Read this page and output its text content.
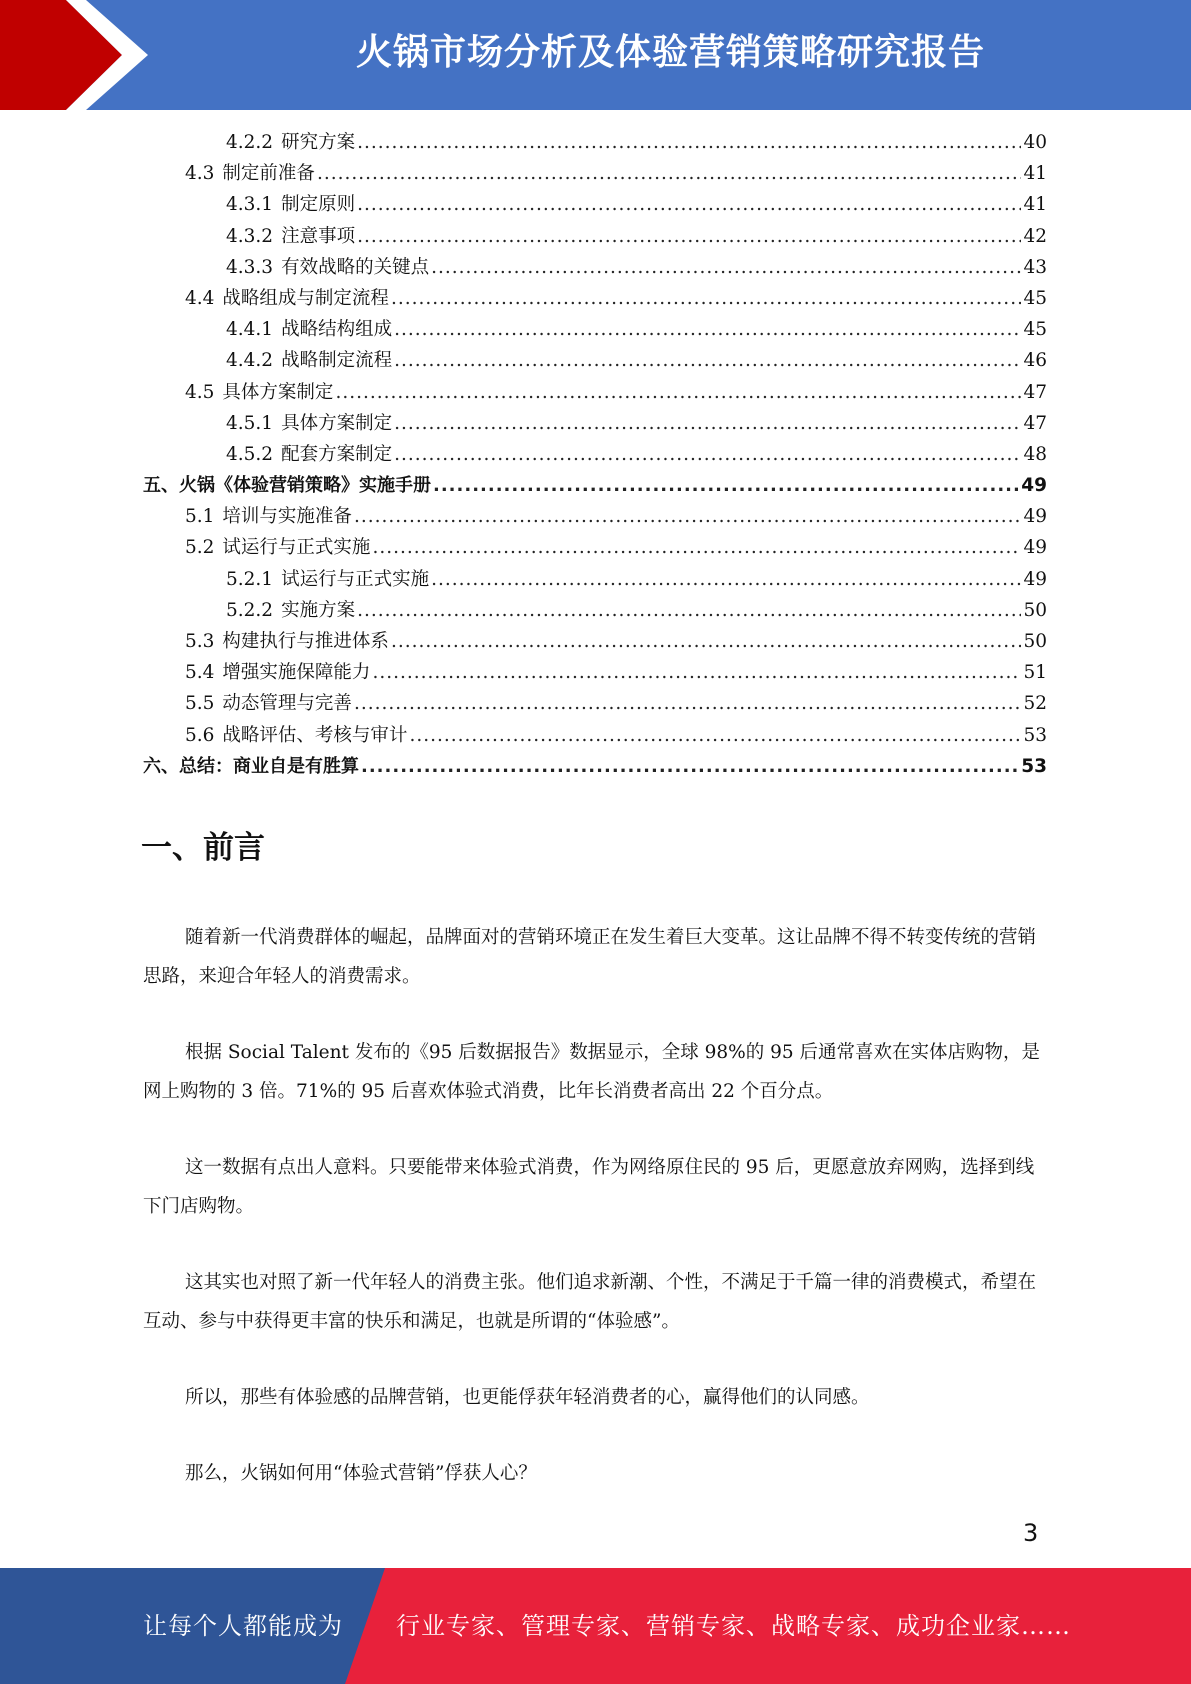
火锅市场分析及体验营销策略研究报告
4.2.2 研究方案 .....	40
4.3 制定前准备 .....	41
4.3.1 制定原则 .....	41
4.3.2 注意事项 .....	42
4.3.3 有效战略的关键点 .....	43
4.4 战略组成与制定流程 .....	45
4.4.1 战略结构组成 .....	45
4.4.2 战略制定流程 .....	46
4.5 具体方案制定 .....	47
4.5.1 具体方案制定 .....	47
4.5.2 配套方案制定 .....	48
五、火锅《体验营销策略》实施手册 .....	49
5.1 培训与实施准备 .....	49
5.2 试运行与正式实施 .....	49
5.2.1 试运行与正式实施 .....	49
5.2.2 实施方案 .....	50
5.3 构建执行与推进体系 .....	50
5.4 增强实施保障能力 .....	51
5.5 动态管理与完善 .....	52
5.6 战略评估、考核与审计 .....	53
六、总结：商业自是有胜算 .....	53
一、前言

随着新一代消费群体的崛起，品牌面对的营销环境正在发生着巨大变革。这让品牌不得不转变传统的营销思路，来迎合年轻人的消费需求。

根据 Social Talent 发布的《95 后数据报告》数据显示，全球 98%的 95 后通常喜欢在实体店购物，是网上购物的 3 倍。71%的 95 后喜欢体验式消费，比年长消费者高出 22 个百分点。

这一数据有点出人意料。只要能带来体验式消费，作为网络原住民的 95 后，更愿意放弃网购，选择到线下门店购物。

这其实也对照了新一代年轻人的消费主张。他们追求新潮、个性，不满足于千篇一律的消费模式，希望在互动、参与中获得更丰富的快乐和满足，也就是所谓的“体验感”。

所以，那些有体验感的品牌营销，也更能俘获年轻消费者的心，赢得他们的认同感。

那么，火锅如何用“体验式营销”俘获人心？

3
让每个人都能成为 行业专家、管理专家、营销专家、战略专家、成功企业家……
